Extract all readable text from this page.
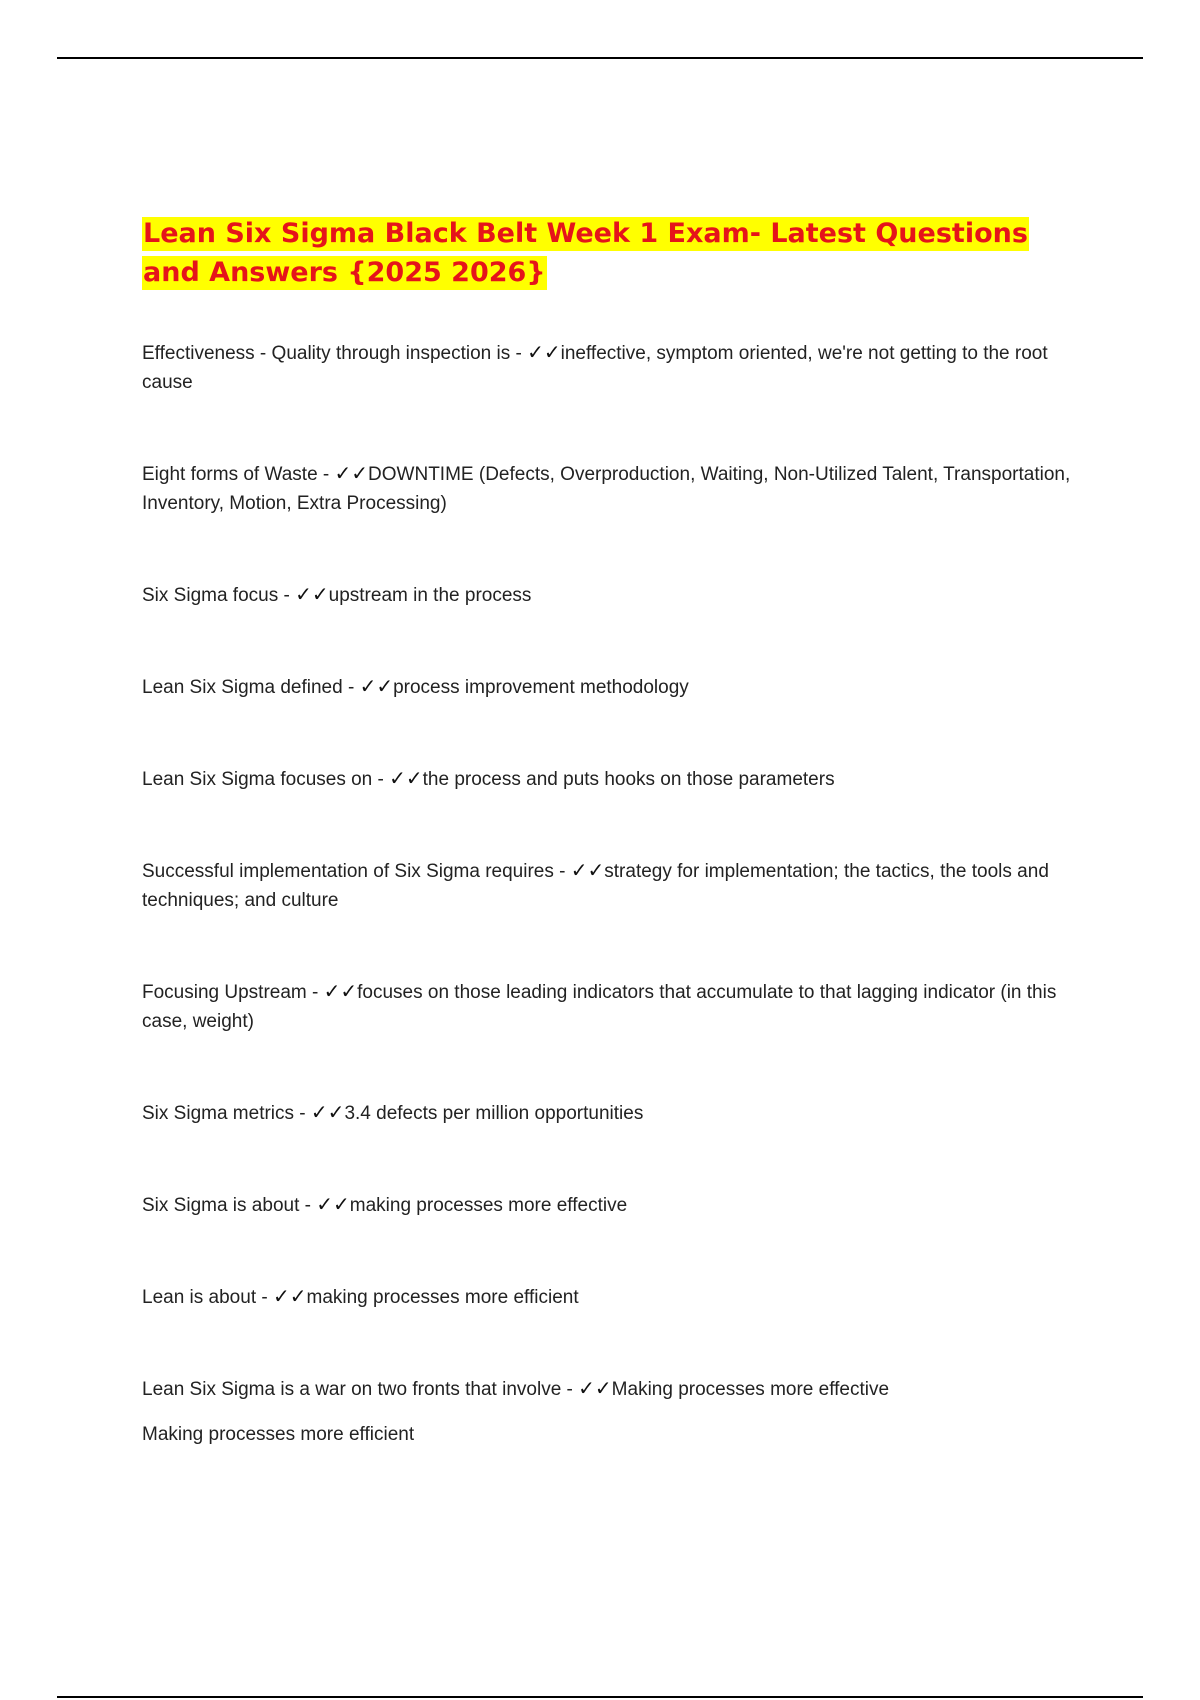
Lean Six Sigma Black Belt Week 1 Exam- Latest Questions and Answers {2025 2026}
Effectiveness - Quality through inspection is - ✓✓ineffective, symptom oriented, we're not getting to the root cause
Eight forms of Waste - ✓✓DOWNTIME (Defects, Overproduction, Waiting, Non-Utilized Talent, Transportation, Inventory, Motion, Extra Processing)
Six Sigma focus - ✓✓upstream in the process
Lean Six Sigma defined - ✓✓process improvement methodology
Lean Six Sigma focuses on - ✓✓the process and puts hooks on those parameters
Successful implementation of Six Sigma requires - ✓✓strategy for implementation; the tactics, the tools and techniques; and culture
Focusing Upstream - ✓✓focuses on those leading indicators that accumulate to that lagging indicator (in this case, weight)
Six Sigma metrics - ✓✓3.4 defects per million opportunities
Six Sigma is about - ✓✓making processes more effective
Lean is about - ✓✓making processes more efficient
Lean Six Sigma is a war on two fronts that involve - ✓✓Making processes more effective
Making processes more efficient
